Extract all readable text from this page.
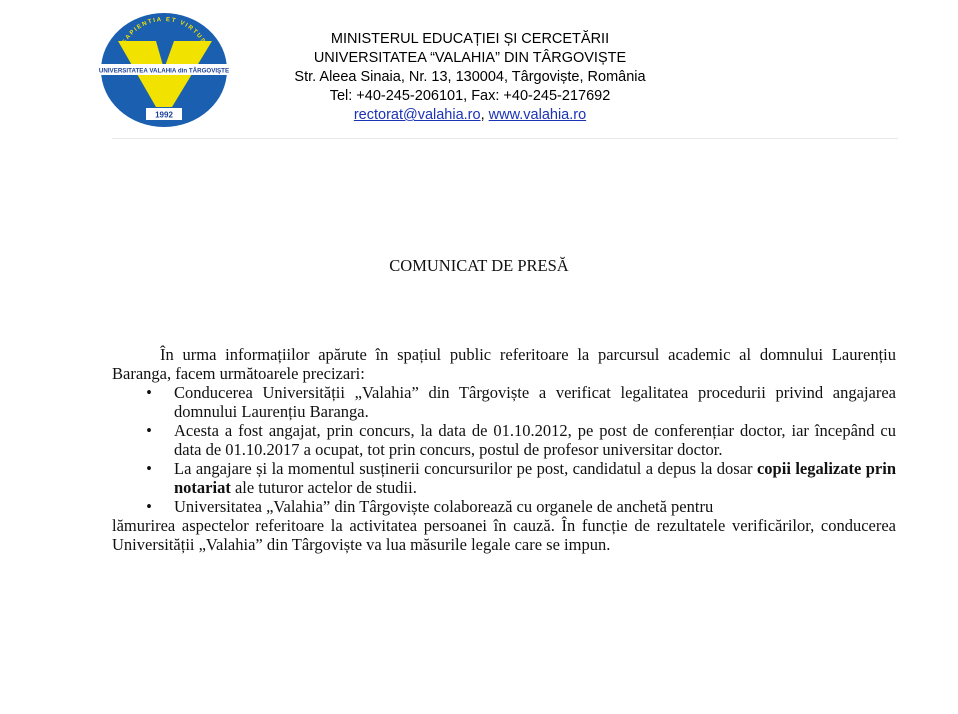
UNIVERSITATEA VALAHIA din TÂRGOVIŞTE
SAPIENTIA ET VIRTUS
1992
MINISTERUL EDUCAȚIEI ȘI CERCETĂRII
UNIVERSITATEA “VALAHIA” DIN TÂRGOVIȘTE
Str. Aleea Sinaia, Nr. 13, 130004, Târgoviște, România
Tel: +40-245-206101, Fax: +40-245-217692
rectorat@valahia.ro, www.valahia.ro
COMUNICAT DE PRESĂ

În urma informațiilor apărute în spațiul public referitoare la parcursul academic al domnului Laurențiu Baranga, facem următoarele precizari:

• Conducerea Universității „Valahia” din Târgoviște a verificat legalitatea procedurii privind angajarea domnului Laurențiu Baranga.
• Acesta a fost angajat, prin concurs, la data de 01.10.2012, pe post de conferențiar doctor, iar începând cu data de 01.10.2017 a ocupat, tot prin concurs, postul de profesor universitar doctor.
• La angajare și la momentul susținerii concursurilor pe post, candidatul a depus la dosar copii legalizate prin notariat ale tuturor actelor de studii.
• Universitatea „Valahia” din Târgoviște colaborează cu organele de anchetă pentru

lămurirea aspectelor referitoare la activitatea persoanei în cauză. În funcție de rezultatele verificărilor, conducerea Universității „Valahia” din Târgoviște va lua măsurile legale care se impun.
